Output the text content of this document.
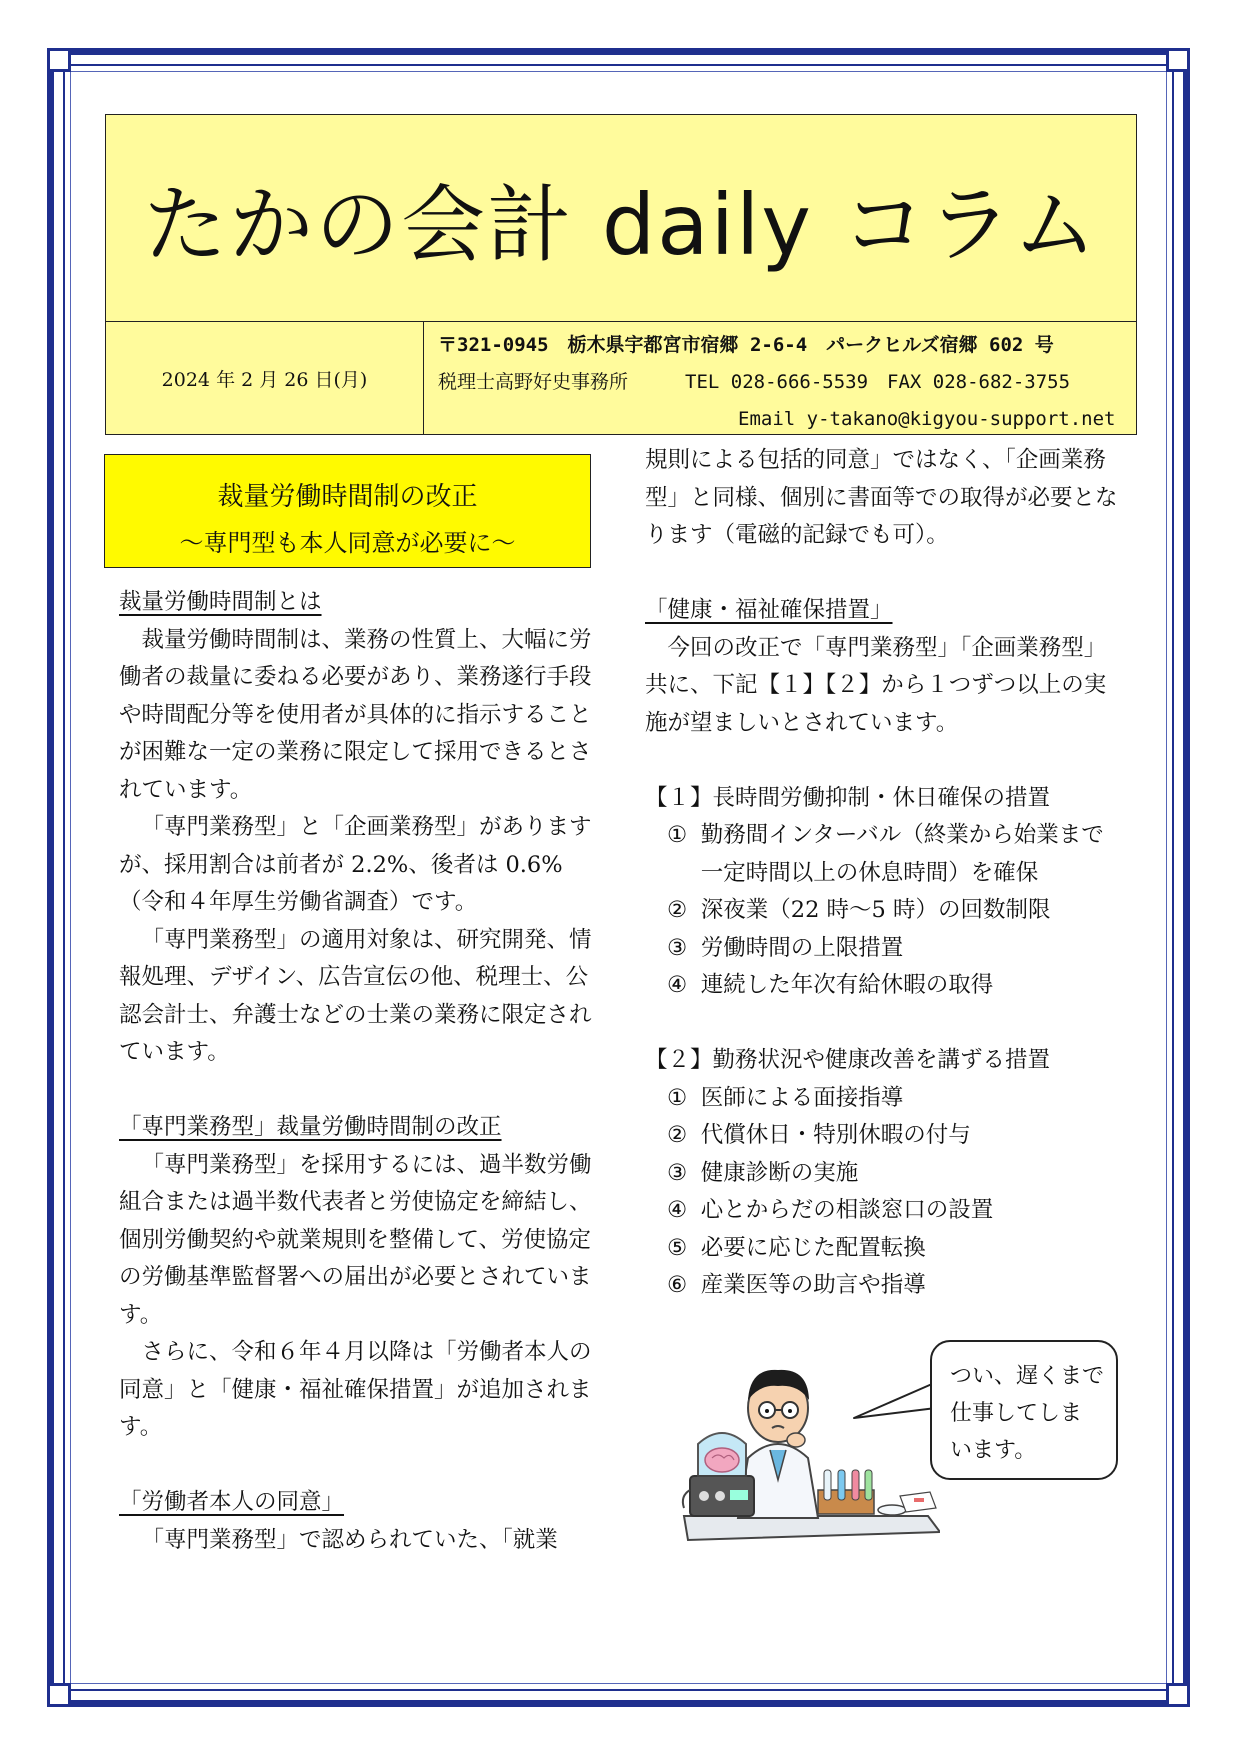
たかの会計 daily コラム
2024 年 2 月 26 日(月)
〒321-0945　栃木県宇都宮市宿郷 2-6-4　パークヒルズ宿郷 602 号
税理士高野好史事務所　　　TEL 028-666-5539　FAX 028-682-3755
Email y-takano@kigyou-support.net
裁量労働時間制の改正
～専門型も本人同意が必要に～

裁量労働時間制とは

裁量労働時間制は、業務の性質上、大幅に労働者の裁量に委ねる必要があり、業務遂行手段や時間配分等を使用者が具体的に指示することが困難な一定の業務に限定して採用できるとされています。

「専門業務型」と「企画業務型」がありますが、採用割合は前者が 2.2%、後者は 0.6%（令和４年厚生労働省調査）です。

「専門業務型」の適用対象は、研究開発、情報処理、デザイン、広告宣伝の他、税理士、公認会計士、弁護士などの士業の業務に限定されています。

「専門業務型」裁量労働時間制の改正

「専門業務型」を採用するには、過半数労働組合または過半数代表者と労使協定を締結し、個別労働契約や就業規則を整備して、労使協定の労働基準監督署への届出が必要とされています。

さらに、令和６年４月以降は「労働者本人の同意」と「健康・福祉確保措置」が追加されます。

「労働者本人の同意」

「専門業務型」で認められていた、「就業

規則による包括的同意」ではなく、「企画業務型」と同様、個別に書面等での取得が必要となります（電磁的記録でも可）。

「健康・福祉確保措置」

今回の改正で「専門業務型」「企画業務型」共に、下記【１】【２】から１つずつ以上の実施が望ましいとされています。

【１】長時間労働抑制・休日確保の措置

① 勤務間インターバル（終業から始業まで一定時間以上の休息時間）を確保
② 深夜業（22 時～5 時）の回数制限
③ 労働時間の上限措置
④ 連続した年次有給休暇の取得

【２】勤務状況や健康改善を講ずる措置

① 医師による面接指導
② 代償休日・特別休暇の付与
③ 健康診断の実施
④ 心とからだの相談窓口の設置
⑤ 必要に応じた配置転換
⑥ 産業医等の助言や指導
つい、遅くまで
仕事してしま
います。
